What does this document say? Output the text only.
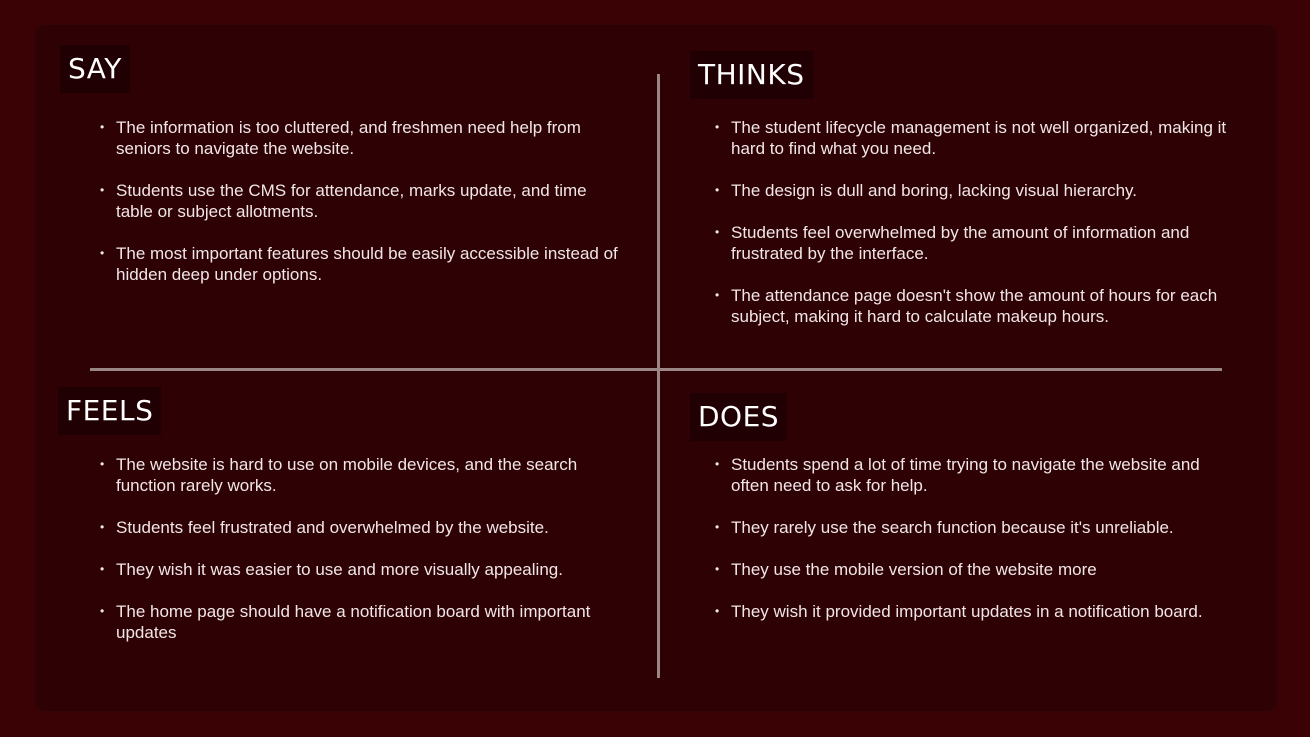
SAY
• The information is too cluttered, and freshmen need help from seniors to navigate the website.
• Students use the CMS for attendance, marks update, and time table or subject allotments.
• The most important features should be easily accessible instead of hidden deep under options.
THINKS
• The student lifecycle management is not well organized, making it hard to find what you need.
• The design is dull and boring, lacking visual hierarchy.
• Students feel overwhelmed by the amount of information and frustrated by the interface.
• The attendance page doesn't show the amount of hours for each subject, making it hard to calculate makeup hours.
FEELS
• The website is hard to use on mobile devices, and the search function rarely works.
• Students feel frustrated and overwhelmed by the website.
• They wish it was easier to use and more visually appealing.
• The home page should have a notification board with important updates
DOES
• Students spend a lot of time trying to navigate the website and often need to ask for help.
• They rarely use the search function because it's unreliable.
• They use the mobile version of the website more
• They wish it provided important updates in a notification board.
